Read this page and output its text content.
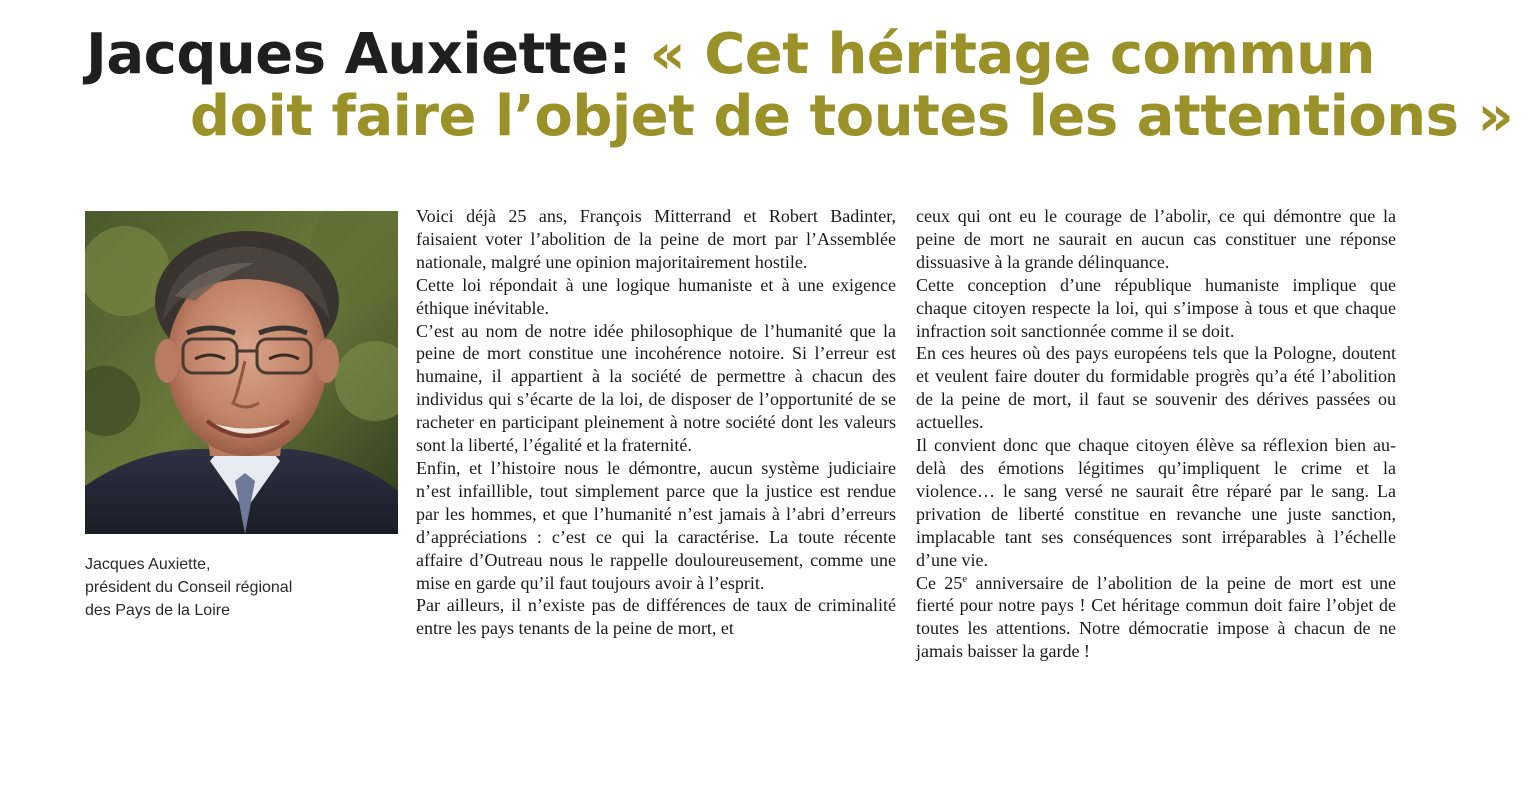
Jacques Auxiette: « Cet héritage commun
doit faire l’objet de toutes les attentions »
Jacques Auxiette,
président du Conseil régional
des Pays de la Loire

Voici déjà 25 ans, François Mitterrand et Robert Badinter, faisaient voter l’abolition de la peine de mort par l’Assemblée nationale, malgré une opinion majoritairement hostile.

Cette loi répondait à une logique humaniste et à une exigence éthique inévitable.

C’est au nom de notre idée philosophique de l’humanité que la peine de mort constitue une incohérence notoire. Si l’erreur est humaine, il appartient à la société de permettre à chacun des individus qui s’écarte de la loi, de disposer de l’opportunité de se racheter en participant pleinement à notre société dont les valeurs sont la liberté, l’égalité et la fraternité.

Enfin, et l’histoire nous le démontre, aucun système judiciaire n’est infaillible, tout simplement parce que la justice est rendue par les hommes, et que l’humanité n’est jamais à l’abri d’erreurs d’appréciations : c’est ce qui la caractérise. La toute récente affaire d’Outreau nous le rappelle douloureusement, comme une mise en garde qu’il faut toujours avoir à l’esprit.

Par ailleurs, il n’existe pas de différences de taux de criminalité entre les pays tenants de la peine de mort, et

ceux qui ont eu le courage de l’abolir, ce qui démontre que la peine de mort ne saurait en aucun cas constituer une réponse dissuasive à la grande délinquance.

Cette conception d’une république humaniste implique que chaque citoyen respecte la loi, qui s’impose à tous et que chaque infraction soit sanctionnée comme il se doit.

En ces heures où des pays européens tels que la Pologne, doutent et veulent faire douter du formidable progrès qu’a été l’abolition de la peine de mort, il faut se souvenir des dérives passées ou actuelles.

Il convient donc que chaque citoyen élève sa réflexion bien au-delà des émotions légitimes qu’impliquent le crime et la violence… le sang versé ne saurait être réparé par le sang. La privation de liberté constitue en revanche une juste sanction, implacable tant ses conséquences sont irréparables à l’échelle d’une vie.

Ce 25e anniversaire de l’abolition de la peine de mort est une fierté pour notre pays ! Cet héritage commun doit faire l’objet de toutes les attentions. Notre démocratie impose à chacun de ne jamais baisser la garde !
